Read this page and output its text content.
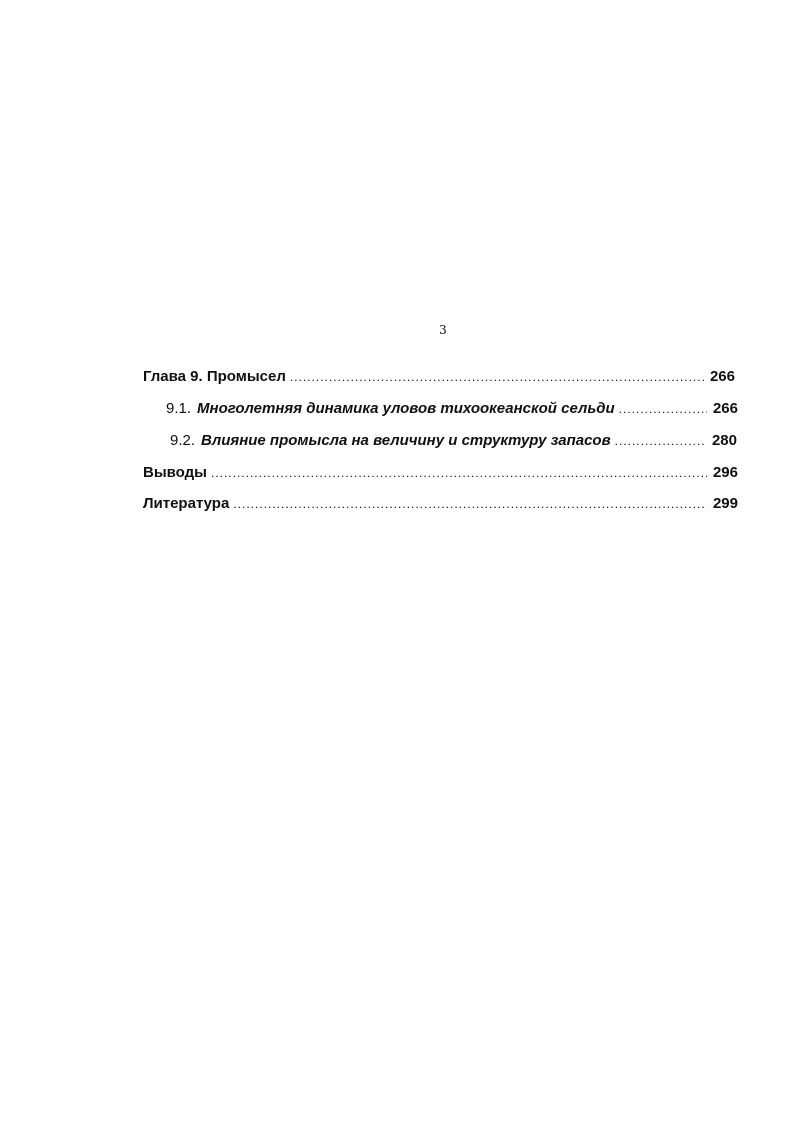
3
Глава 9. Промысел .....	266
9.1. Многолетняя динамика уловов тихоокеанской сельди .....	266
9.2. Влияние промысла на величину и структуру запасов .....	280
Выводы .....	296
Литература .....	299
